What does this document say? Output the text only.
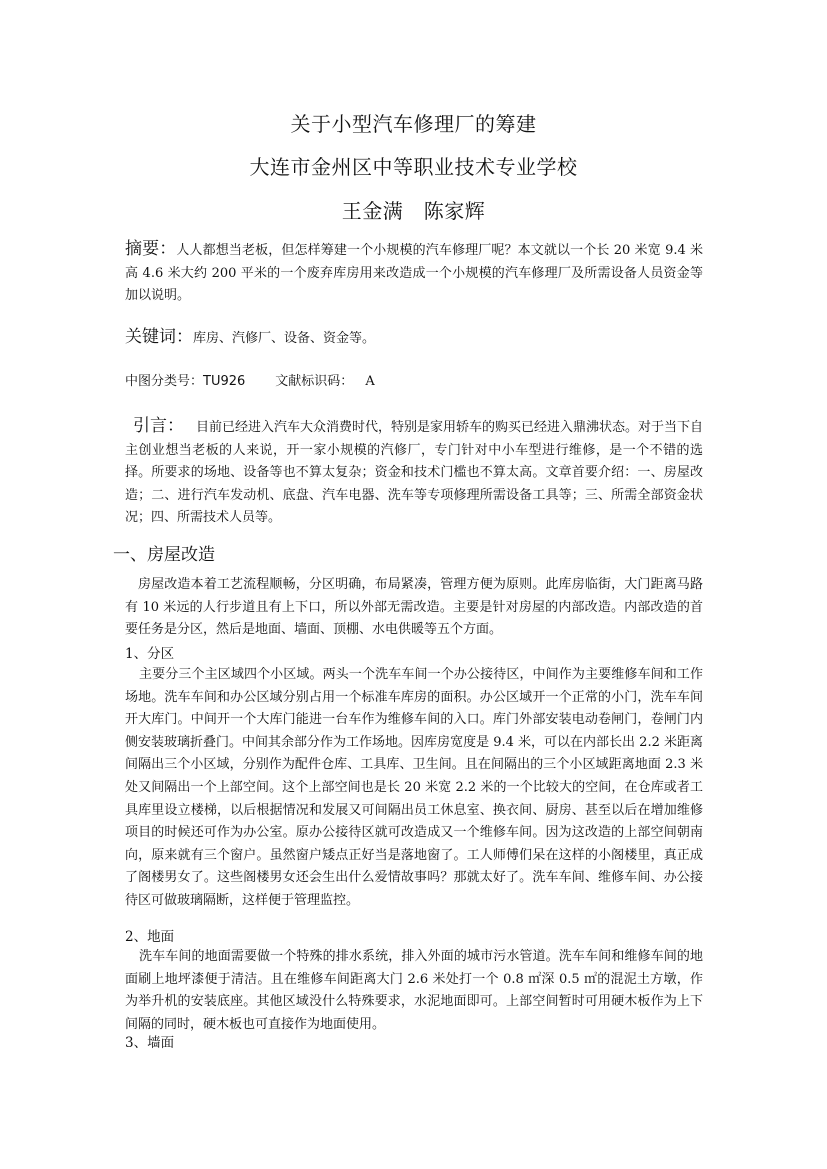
关于小型汽车修理厂的筹建
大连市金州区中等职业技术专业学校
王金满　陈家辉
摘要：人人都想当老板，但怎样筹建一个小规模的汽车修理厂呢？本文就以一个长 20 米宽 9.4 米高 4.6 米大约 200 平米的一个废弃库房用来改造成一个小规模的汽车修理厂及所需设备人员资金等加以说明。
关键词：库房、汽修厂、设备、资金等。
中图分类号：TU926 文献标识码： A
引言： 目前已经进入汽车大众消费时代，特别是家用轿车的购买已经进入鼎沸状态。对于当下自主创业想当老板的人来说，开一家小规模的汽修厂，专门针对中小车型进行维修，是一个不错的选择。所要求的场地、设备等也不算太复杂；资金和技术门槛也不算太高。文章首要介绍：一、房屋改造；二、进行汽车发动机、底盘、汽车电器、洗车等专项修理所需设备工具等；三、所需全部资金状况；四、所需技术人员等。
一、房屋改造
房屋改造本着工艺流程顺畅，分区明确，布局紧凑，管理方便为原则。此库房临街，大门距离马路有 10 米远的人行步道且有上下口，所以外部无需改造。主要是针对房屋的内部改造。内部改造的首要任务是分区，然后是地面、墙面、顶棚、水电供暖等五个方面。
1、分区
主要分三个主区域四个小区域。两头一个洗车车间一个办公接待区，中间作为主要维修车间和工作场地。洗车车间和办公区域分别占用一个标准车库房的面积。办公区域开一个正常的小门，洗车车间开大库门。中间开一个大库门能进一台车作为维修车间的入口。库门外部安装电动卷闸门，卷闸门内侧安装玻璃折叠门。中间其余部分作为工作场地。因库房宽度是 9.4 米，可以在内部长出 2.2 米距离间隔出三个小区域，分别作为配件仓库、工具库、卫生间。且在间隔出的三个小区域距离地面 2.3 米处又间隔出一个上部空间。这个上部空间也是长 20 米宽 2.2 米的一个比较大的空间，在仓库或者工具库里设立楼梯，以后根据情况和发展又可间隔出员工休息室、换衣间、厨房、甚至以后在增加维修项目的时候还可作为办公室。原办公接待区就可改造成又一个维修车间。因为这改造的上部空间朝南向，原来就有三个窗户。虽然窗户矮点正好当是落地窗了。工人师傅们呆在这样的小阁楼里，真正成了阁楼男女了。这些阁楼男女还会生出什么爱情故事吗？那就太好了。洗车车间、维修车间、办公接待区可做玻璃隔断，这样便于管理监控。
2、地面
洗车车间的地面需要做一个特殊的排水系统，排入外面的城市污水管道。洗车车间和维修车间的地面刷上地坪漆便于清洁。且在维修车间距离大门 2.6 米处打一个 0.8 ㎡深 0.5 ㎡的混泥土方墩，作为举升机的安装底座。其他区域没什么特殊要求，水泥地面即可。上部空间暂时可用硬木板作为上下间隔的同时，硬木板也可直接作为地面使用。
3、墙面
